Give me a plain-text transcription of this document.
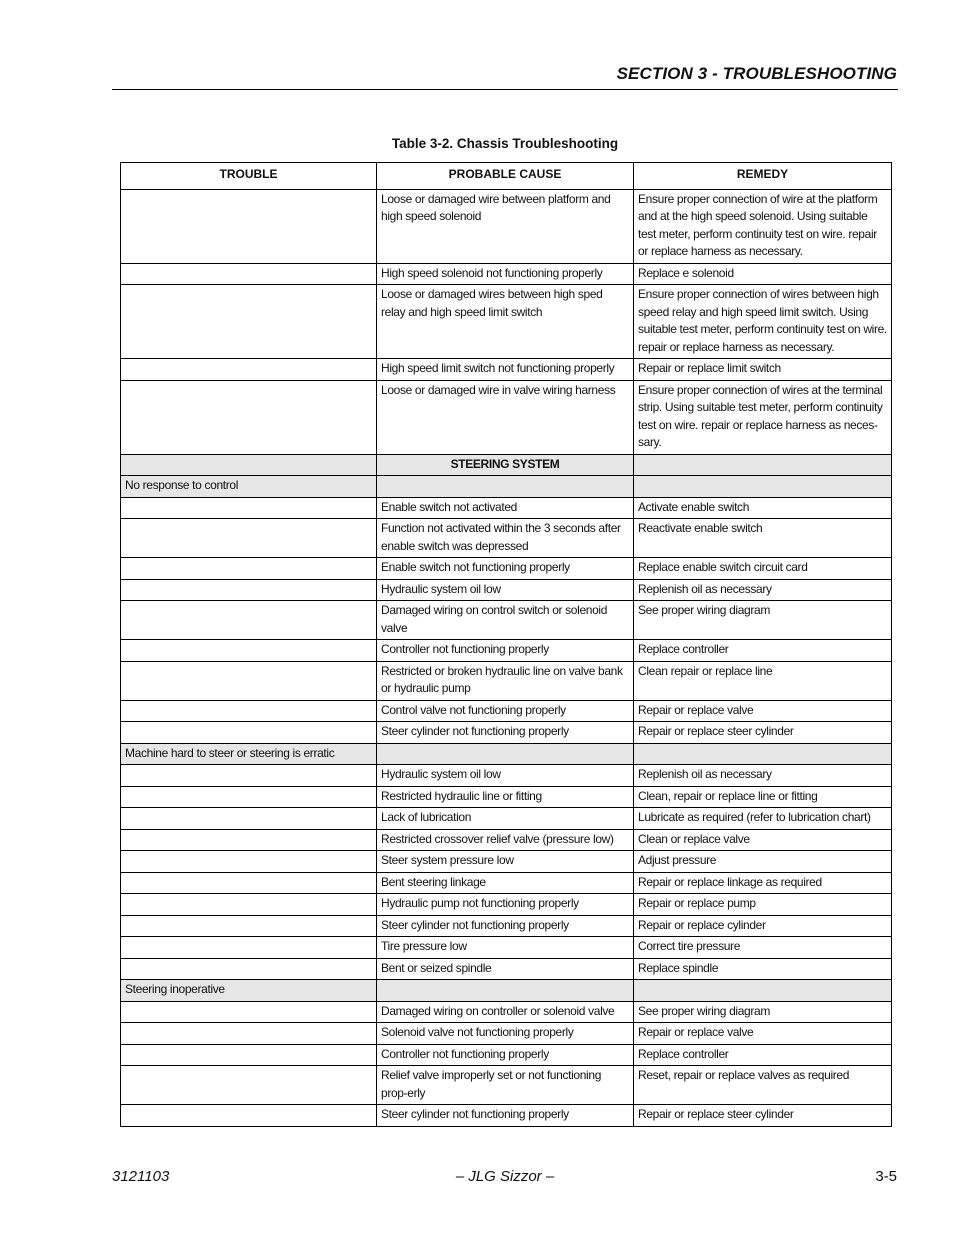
SECTION 3 - TROUBLESHOOTING
Table 3-2. Chassis Troubleshooting
TROUBLE	PROBABLE CAUSE	REMEDY
	Loose or damaged wire between platform and high speed solenoid	Ensure proper connection of wire at the platform and at the high speed solenoid. Using suitable test meter, perform continuity test on wire. repair or replace harness as necessary.
	High speed solenoid not functioning properly	Replace e solenoid
	Loose or damaged wires between high sped relay and high speed limit switch	Ensure proper connection of wires between high speed relay and high speed limit switch. Using suitable test meter, perform continuity test on wire. repair or replace harness as necessary.
	High speed limit switch not functioning properly	Repair or replace limit switch
	Loose or damaged wire in valve wiring harness	Ensure proper connection of wires at the terminal strip. Using suitable test meter, perform continuity test on wire. repair or replace harness as neces-sary.
	STEERING SYSTEM	
No response to control		
	Enable switch not activated	Activate enable switch
	Function not activated within the 3 seconds after enable switch was depressed	Reactivate enable switch
	Enable switch not functioning properly	Replace enable switch circuit card
	Hydraulic system oil low	Replenish oil as necessary
	Damaged wiring on control switch or solenoid valve	See proper wiring diagram
	Controller not functioning properly	Replace controller
	Restricted or broken hydraulic line on valve bank or hydraulic pump	Clean repair or replace line
	Control valve not functioning properly	Repair or replace valve
	Steer cylinder not functioning properly	Repair or replace steer cylinder
Machine hard to steer or steering is erratic		
	Hydraulic system oil low	Replenish oil as necessary
	Restricted hydraulic line or fitting	Clean, repair or replace line or fitting
	Lack of lubrication	Lubricate as required (refer to lubrication chart)
	Restricted crossover relief valve (pressure low)	Clean or replace valve
	Steer system pressure low	Adjust pressure
	Bent steering linkage	Repair or replace linkage as required
	Hydraulic pump not functioning properly	Repair or replace pump
	Steer cylinder not functioning properly	Repair or replace cylinder
	Tire pressure low	Correct tire pressure
	Bent or seized spindle	Replace spindle
Steering inoperative		
	Damaged wiring on controller or solenoid valve	See proper wiring diagram
	Solenoid valve not functioning properly	Repair or replace valve
	Controller not functioning properly	Replace controller
	Relief valve improperly set or not functioning prop-erly	Reset, repair or replace valves as required
	Steer cylinder not functioning properly	Repair or replace steer cylinder
3121103	– JLG Sizzor –	3-5
